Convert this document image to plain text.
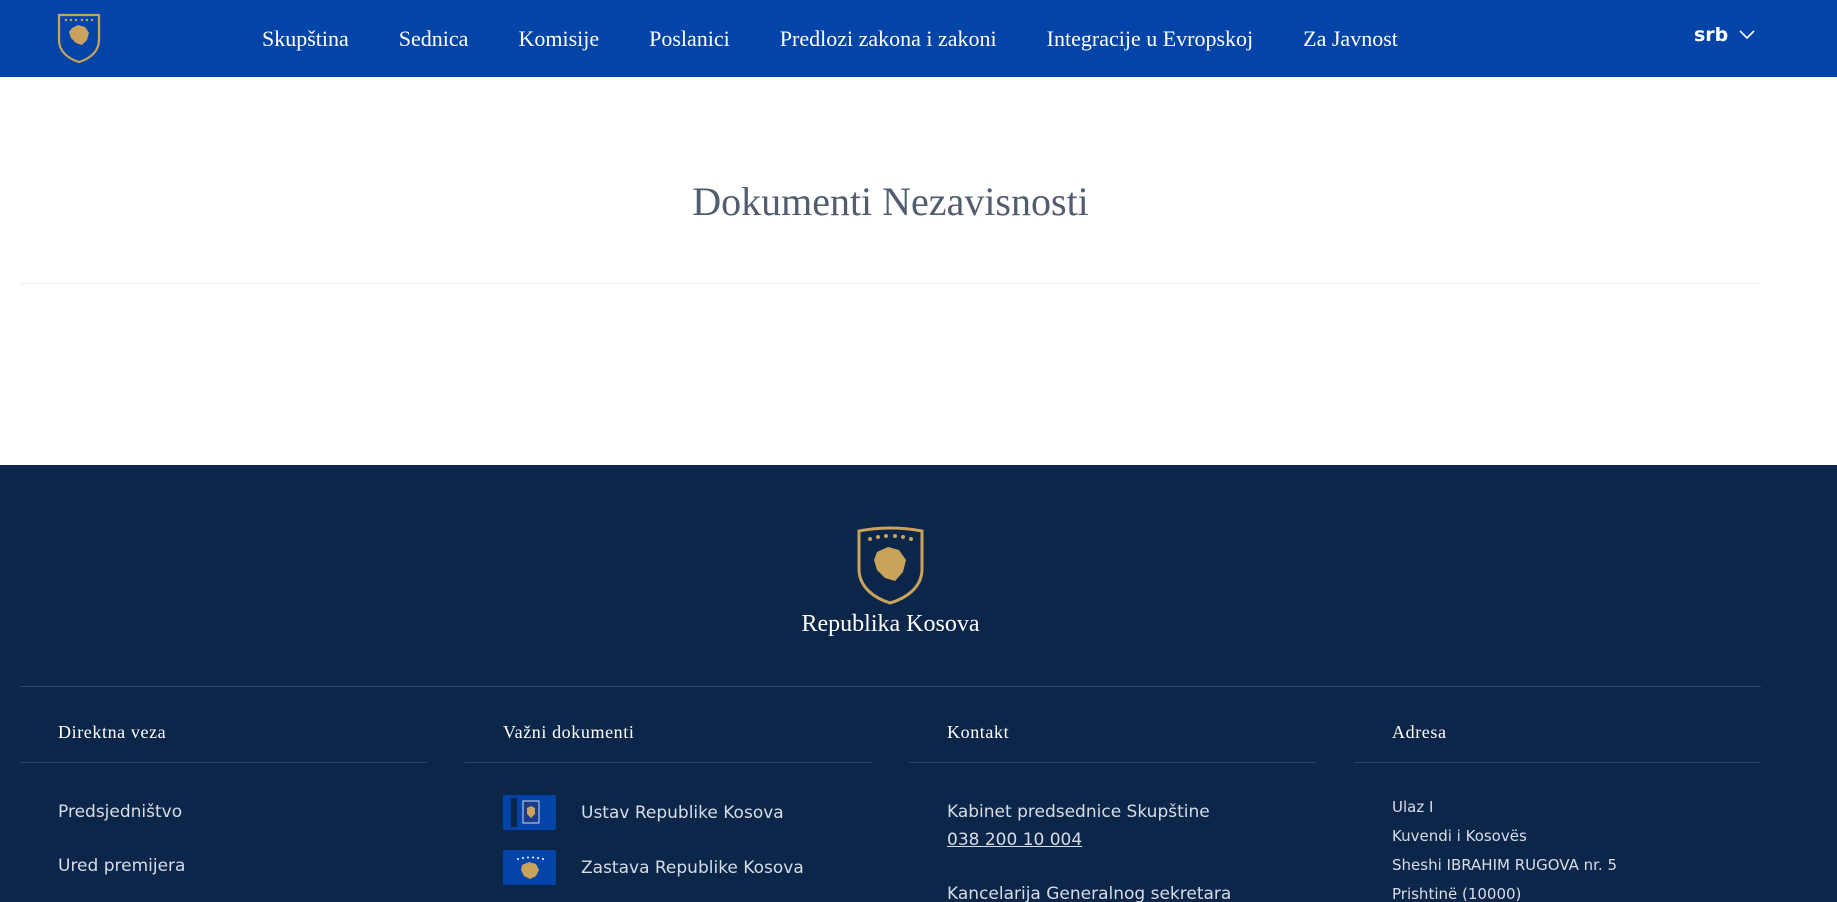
Skupština Sednica Komisije Poslanici Predlozi zakona i zakoni Integracije u Evropskoj Za Javnost	srb
Dokumenti Nezavisnosti
Republika Kosova
Direktna veza
Predsjedništvo
Ured premijera
Važni dokumenti
Ustav Republike Kosova
Zastava Republike Kosova
Kontakt
Kabinet predsednice Skupštine
038 200 10 004
Kancelarija Generalnog sekretara
Adresa
Ulaz I
Kuvendi i Kosovës
Sheshi IBRAHIM RUGOVA nr. 5
Prishtinë (10000)
